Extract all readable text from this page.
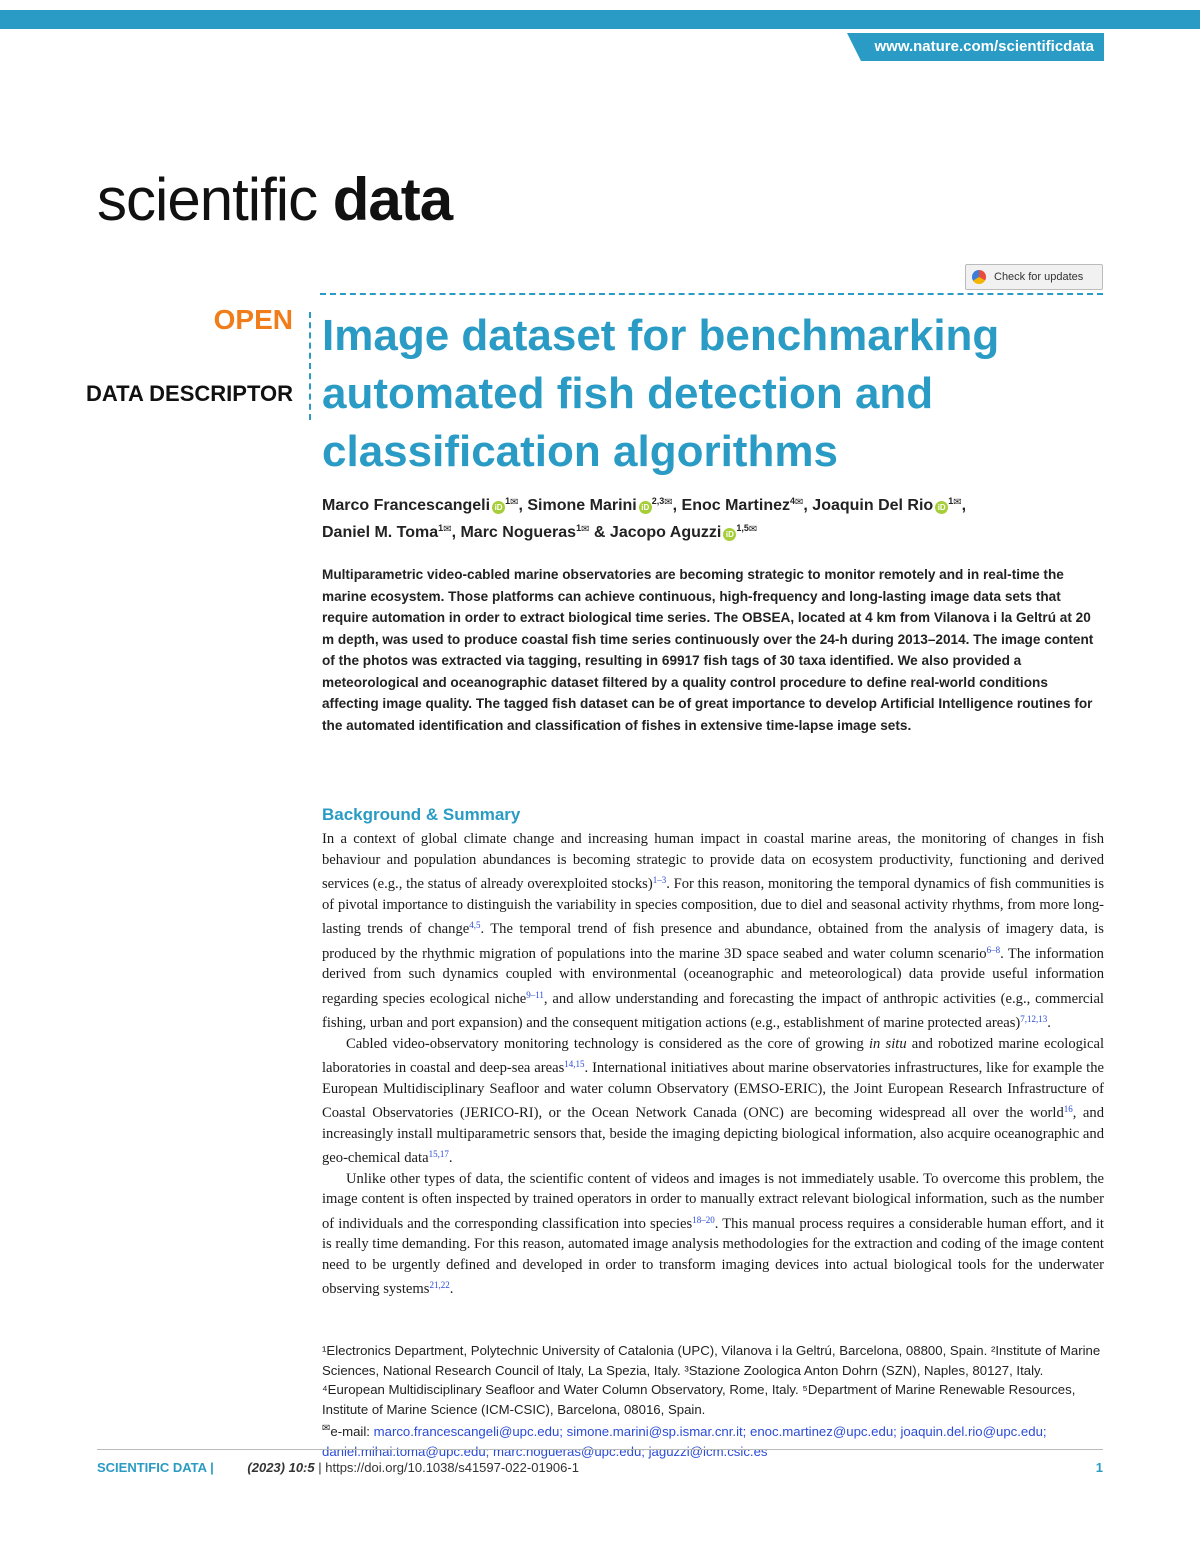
www.nature.com/scientificdata
scientific data
Check for updates
OPEN
DATA DESCRIPTOR
Image dataset for benchmarking automated fish detection and classification algorithms
Marco Francescangeli $iD^{1✉}$, Simone Marini $iD^{2,3✉}$, Enoc Martinez$^{4✉}$, Joaquin Del Rio $iD^{1✉}$, Daniel M. Toma$^{1✉}$, Marc Nogueras$^{1✉}$ & Jacopo Aguzzi $iD^{1,5✉}$

Multiparametric video-cabled marine observatories are becoming strategic to monitor remotely and in real-time the marine ecosystem. Those platforms can achieve continuous, high-frequency and long-lasting image data sets that require automation in order to extract biological time series. The OBSEA, located at 4 km from Vilanova i la Geltrú at 20 m depth, was used to produce coastal fish time series continuously over the 24-h during 2013–2014. The image content of the photos was extracted via tagging, resulting in 69917 fish tags of 30 taxa identified. We also provided a meteorological and oceanographic dataset filtered by a quality control procedure to define real-world conditions affecting image quality. The tagged fish dataset can be of great importance to develop Artificial Intelligence routines for the automated identification and classification of fishes in extensive time-lapse image sets.

Background & Summary

In a context of global climate change and increasing human impact in coastal marine areas, the monitoring of changes in fish behaviour and population abundances is becoming strategic to provide data on ecosystem productivity, functioning and derived services (e.g., the status of already overexploited stocks)$^{1-3}$. For this reason, monitoring the temporal dynamics of fish communities is of pivotal importance to distinguish the variability in species composition, due to diel and seasonal activity rhythms, from more long-lasting trends of change$^{4,5}$. The temporal trend of fish presence and abundance, obtained from the analysis of imagery data, is produced by the rhythmic migration of populations into the marine 3D space seabed and water column scenario$^{6-8}$. The information derived from such dynamics coupled with environmental (oceanographic and meteorological) data provide useful information regarding species ecological niche$^{9-11}$, and allow understanding and forecasting the impact of anthropic activities (e.g., commercial fishing, urban and port expansion) and the consequent mitigation actions (e.g., establishment of marine protected areas)$^{7,12,13}$.

Cabled video-observatory monitoring technology is considered as the core of growing in situ and robotized marine ecological laboratories in coastal and deep-sea areas$^{14,15}$. International initiatives about marine observatories infrastructures, like for example the European Multidisciplinary Seafloor and water column Observatory (EMSO-ERIC), the Joint European Research Infrastructure of Coastal Observatories (JERICO-RI), or the Ocean Network Canada (ONC) are becoming widespread all over the world$^{16}$, and increasingly install multiparametric sensors that, beside the imaging depicting biological information, also acquire oceanographic and geo-chemical data$^{15,17}$.

Unlike other types of data, the scientific content of videos and images is not immediately usable. To overcome this problem, the image content is often inspected by trained operators in order to manually extract relevant biological information, such as the number of individuals and the corresponding classification into species$^{18-20}$. This manual process requires a considerable human effort, and it is really time demanding. For this reason, automated image analysis methodologies for the extraction and coding of the image content need to be urgently defined and developed in order to transform imaging devices into actual biological tools for the underwater observing systems$^{21,22}$.

¹Electronics Department, Polytechnic University of Catalonia (UPC), Vilanova i la Geltrú, Barcelona, 08800, Spain. ²Institute of Marine Sciences, National Research Council of Italy, La Spezia, Italy. ³Stazione Zoologica Anton Dohrn (SZN), Naples, 80127, Italy. ⁴European Multidisciplinary Seafloor and Water Column Observatory, Rome, Italy. ⁵Department of Marine Renewable Resources, Institute of Marine Science (ICM-CSIC), Barcelona, 08016, Spain.

✉e-mail: marco.francescangeli@upc.edu; simone.marini@sp.ismar.cnr.it; enoc.martinez@upc.edu; joaquin.del.rio@upc.edu; daniel.mihai.toma@upc.edu; marc.nogueras@upc.edu; jaguzzi@icm.csic.es

SCIENTIFIC DATA |	(2023) 10:5 | https://doi.org/10.1038/s41597-022-01906-1	1
